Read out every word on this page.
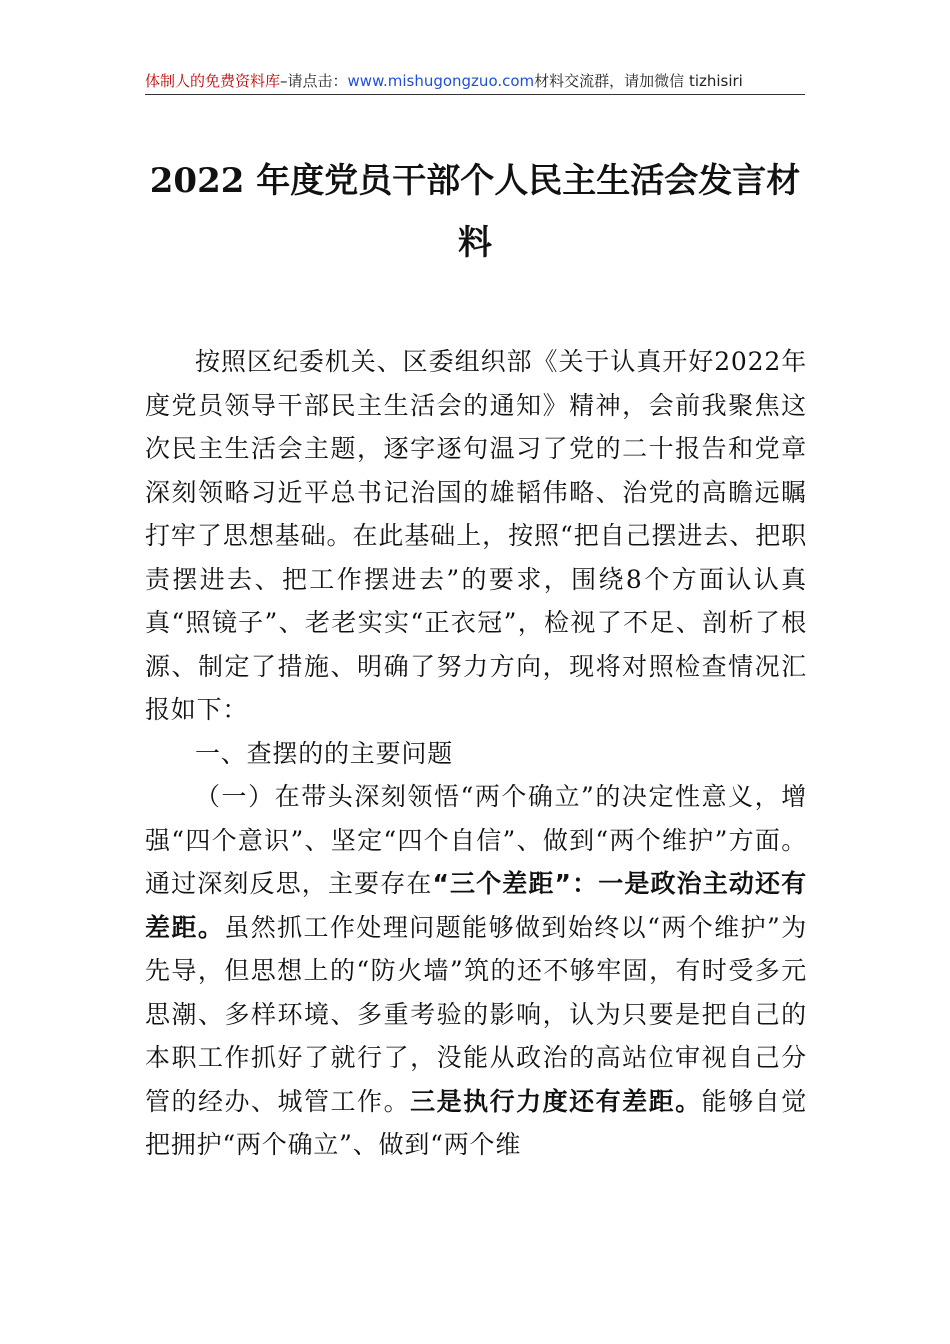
体制人的免费资料库–请点击：www.mishugongzuo.com材料交流群，请加微信 tizhisiri
2022 年度党员干部个人民主生活会发言材料

按照区纪委机关、区委组织部《关于认真开好2022年度党员领导干部民主生活会的通知》精神，会前我聚焦这次民主生活会主题，逐字逐句温习了党的二十报告和党章深刻领略习近平总书记治国的雄韬伟略、治党的高瞻远瞩打牢了思想基础。在此基础上，按照“把自己摆进去、把职责摆进去、把工作摆进去”的要求，围绕8个方面认认真真“照镜子”、老老实实“正衣冠”，检视了不足、剖析了根源、制定了措施、明确了努力方向，现将对照检查情况汇报如下：

一、查摆的的主要问题

（一）在带头深刻领悟“两个确立”的决定性意义，增强“四个意识”、坚定“四个自信”、做到“两个维护”方面。通过深刻反思，主要存在“三个差距”：一是政治主动还有差距。虽然抓工作处理问题能够做到始终以“两个维护”为先导，但思想上的“防火墙”筑的还不够牢固，有时受多元思潮、多样环境、多重考验的影响，认为只要是把自己的本职工作抓好了就行了，没能从政治的高站位审视自己分管的经办、城管工作。三是执行力度还有差距。能够自觉把拥护“两个确立”、做到“两个维
